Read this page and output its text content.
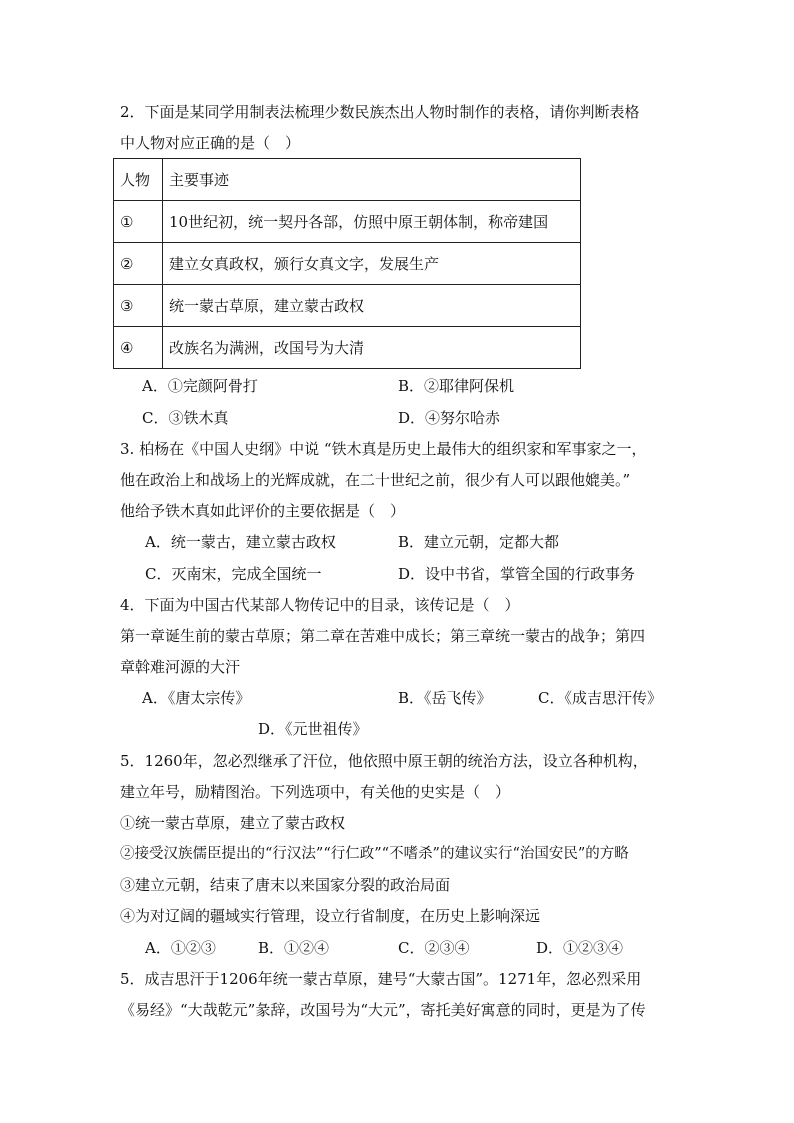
2．下面是某同学用制表法梳理少数民族杰出人物时制作的表格，请你判断表格
中人物对应正确的是（　）
人物	主要事迹
①	10世纪初，统一契丹各部，仿照中原王朝体制，称帝建国
②	建立女真政权，颁行女真文字，发展生产
③	统一蒙古草原，建立蒙古政权
④	改族名为满洲，改国号为大清
A．①完颜阿骨打	B．②耶律阿保机
C．③铁木真	D．④努尔哈赤
3. 柏杨在《中国人史纲》中说 “铁木真是历史上最伟大的组织家和军事家之一，
他在政治上和战场上的光辉成就，在二十世纪之前，很少有人可以跟他媲美。”
他给予铁木真如此评价的主要依据是（　）
A．统一蒙古，建立蒙古政权	B．建立元朝，定都大都
C．灭南宋，完成全国统一	D．设中书省，掌管全国的行政事务
4．下面为中国古代某部人物传记中的目录，该传记是（　）
第一章诞生前的蒙古草原；第二章在苦难中成长；第三章统一蒙古的战争；第四
章斡难河源的大汗
A．《唐太宗传》	B．《岳飞传》	C．《成吉思汗传》
D．《元世祖传》
5．1260年，忽必烈继承了汗位，他依照中原王朝的统治方法，设立各种机构，
建立年号，励精图治。下列选项中，有关他的史实是（　）
①统一蒙古草原，建立了蒙古政权
②接受汉族儒臣提出的“行汉法”“行仁政”“不嗜杀”的建议实行“治国安民”的方略
③建立元朝，结束了唐末以来国家分裂的政治局面
④为对辽阔的疆域实行管理，设立行省制度，在历史上影响深远
A．①②③	B．①②④	C．②③④	D．①②③④
5．成吉思汗于1206年统一蒙古草原，建号“大蒙古国”。1271年，忽必烈采用
《易经》“大哉乾元”彖辞，改国号为“大元”，寄托美好寓意的同时，更是为了传
